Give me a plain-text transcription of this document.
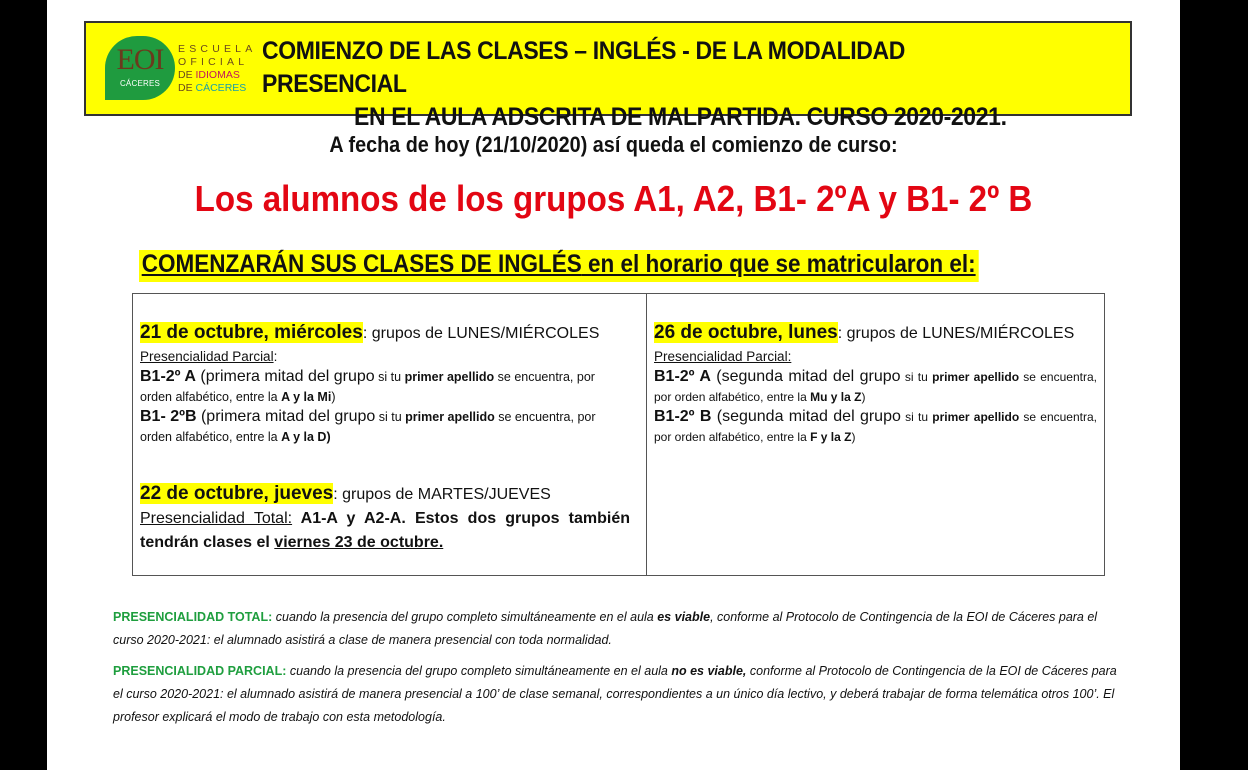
EOI
CÁCERES
ESCUELA
OFICIAL
DE IDIOMAS
DE CÁCERES
COMIENZO DE LAS CLASES – INGLÉS - DE LA MODALIDAD PRESENCIAL
EN EL AULA ADSCRITA DE MALPARTIDA. CURSO 2020-2021.
A fecha de hoy (21/10/2020) así queda el comienzo de curso:
Los alumnos de los grupos A1, A2, B1- 2ºA y B1- 2º B
COMENZARÁN SUS CLASES DE INGLÉS en el horario que se matricularon el:
21 de octubre, miércoles: grupos de LUNES/MIÉRCOLES
Presencialidad Parcial:
B1-2º A (primera mitad del grupo si tu primer apellido se encuentra, por orden alfabético, entre la A y la Mi)
B1- 2ºB (primera mitad del grupo si tu primer apellido se encuentra, por orden alfabético, entre la A y la D)
22 de octubre, jueves: grupos de MARTES/JUEVES
Presencialidad Total: A1-A y A2-A. Estos dos grupos también tendrán clases el viernes 23 de octubre.
26 de octubre, lunes: grupos de LUNES/MIÉRCOLES
Presencialidad Parcial:
B1-2º A (segunda mitad del grupo si tu primer apellido se encuentra, por orden alfabético, entre la Mu y la Z)
B1-2º B (segunda mitad del grupo si tu primer apellido se encuentra, por orden alfabético, entre la F y la Z)
PRESENCIALIDAD TOTAL: cuando la presencia del grupo completo simultáneamente en el aula es viable, conforme al Protocolo de Contingencia de la EOI de Cáceres para el curso 2020-2021: el alumnado asistirá a clase de manera presencial con toda normalidad.
PRESENCIALIDAD PARCIAL: cuando la presencia del grupo completo simultáneamente en el aula no es viable, conforme al Protocolo de Contingencia de la EOI de Cáceres para el curso 2020-2021: el alumnado asistirá de manera presencial a 100’ de clase semanal, correspondientes a un único día lectivo, y deberá trabajar de forma telemática otros 100’. El profesor explicará el modo de trabajo con esta metodología.
